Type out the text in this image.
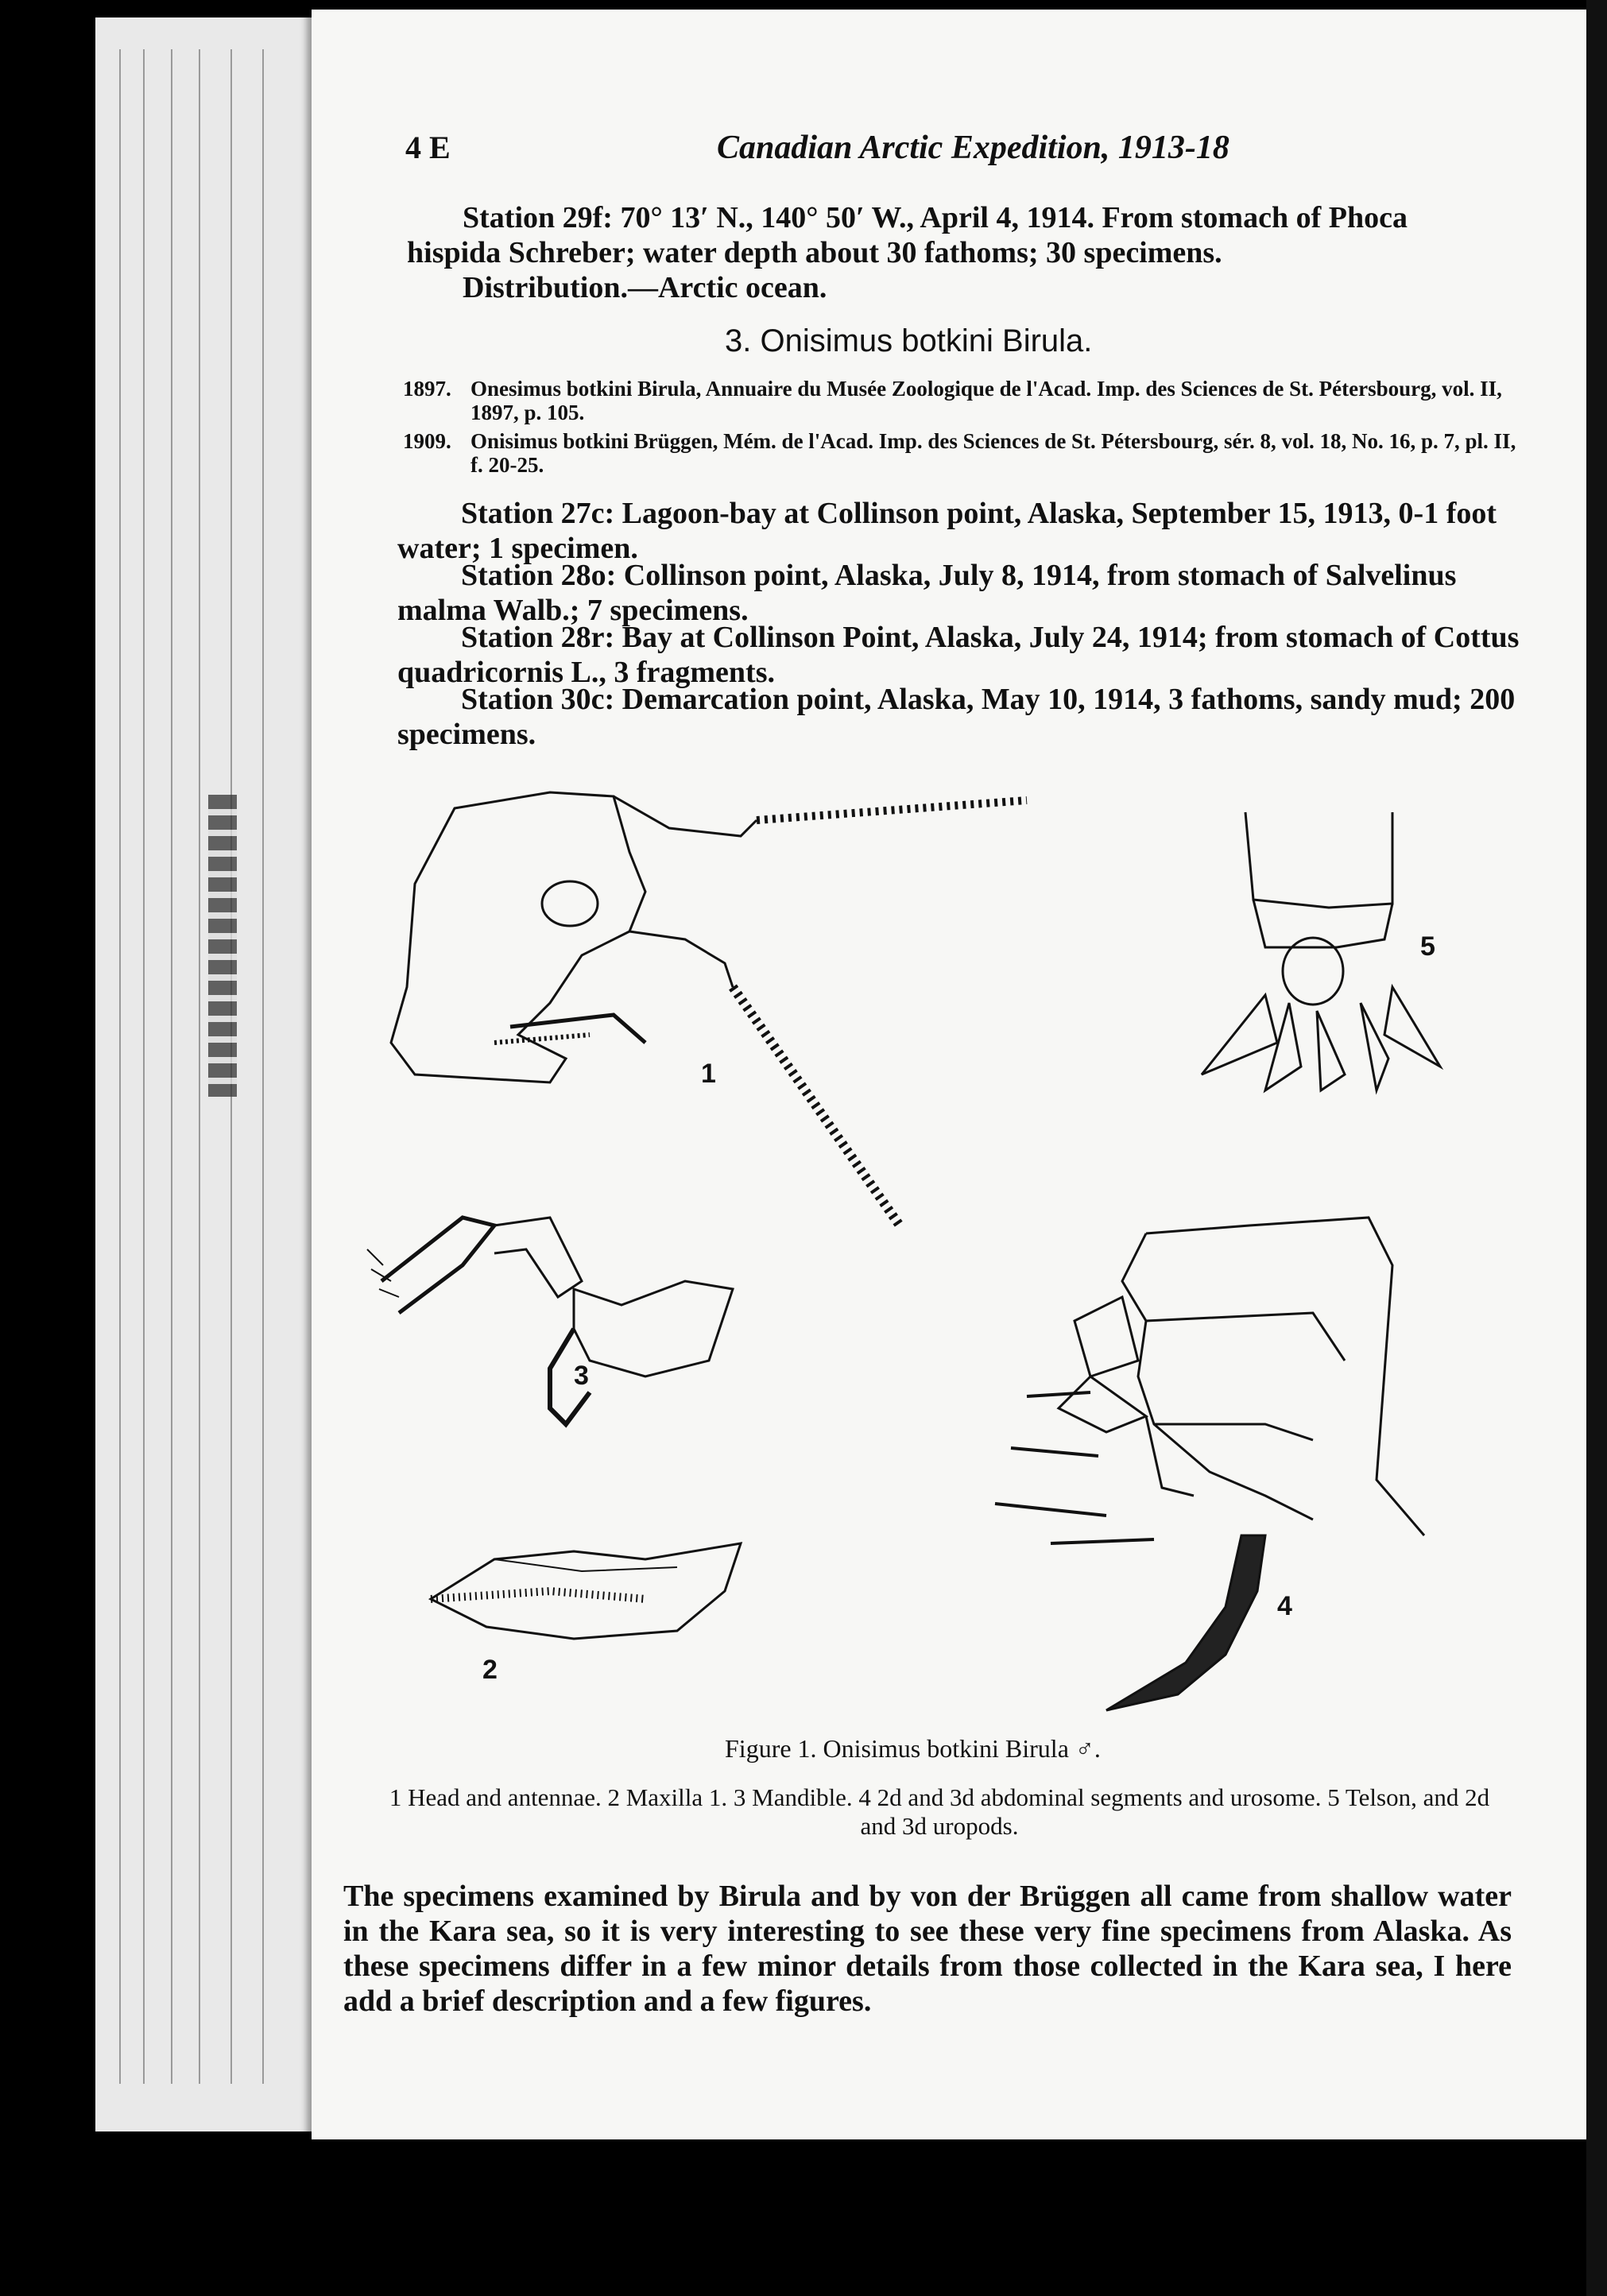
4 E	Canadian Arctic Expedition, 1913-18
Station 29f: 70° 13′ N., 140° 50′ W., April 4, 1914. From stomach of Phoca
hispida Schreber; water depth about 30 fathoms; 30 specimens.
Distribution.—Arctic ocean.
3. Onisimus botkini Birula.
1897. Onesimus botkini Birula, Annuaire du Musée Zoologique de l'Acad. Imp. des Sciences de St. Pétersbourg, vol. II, 1897, p. 105.
1909. Onisimus botkini Brüggen, Mém. de l'Acad. Imp. des Sciences de St. Pétersbourg, sér. 8, vol. 18, No. 16, p. 7, pl. II, f. 20-25.
Station 27c: Lagoon-bay at Collinson point, Alaska, September 15, 1913, 0-1 foot water; 1 specimen.
Station 28o: Collinson point, Alaska, July 8, 1914, from stomach of Salvelinus malma Walb.; 7 specimens.
Station 28r: Bay at Collinson Point, Alaska, July 24, 1914; from stomach of Cottus quadricornis L., 3 fragments.
Station 30c: Demarcation point, Alaska, May 10, 1914, 3 fathoms, sandy mud; 200 specimens.
1
5
3
2
4
Figure 1. Onisimus botkini Birula ♂.
1 Head and antennae. 2 Maxilla 1. 3 Mandible. 4 2d and 3d abdominal segments and urosome. 5 Telson, and 2d and 3d uropods.
The specimens examined by Birula and by von der Brüggen all came from shallow water in the Kara sea, so it is very interesting to see these very fine specimens from Alaska. As these specimens differ in a few minor details from those collected in the Kara sea, I here add a brief description and a few figures.
